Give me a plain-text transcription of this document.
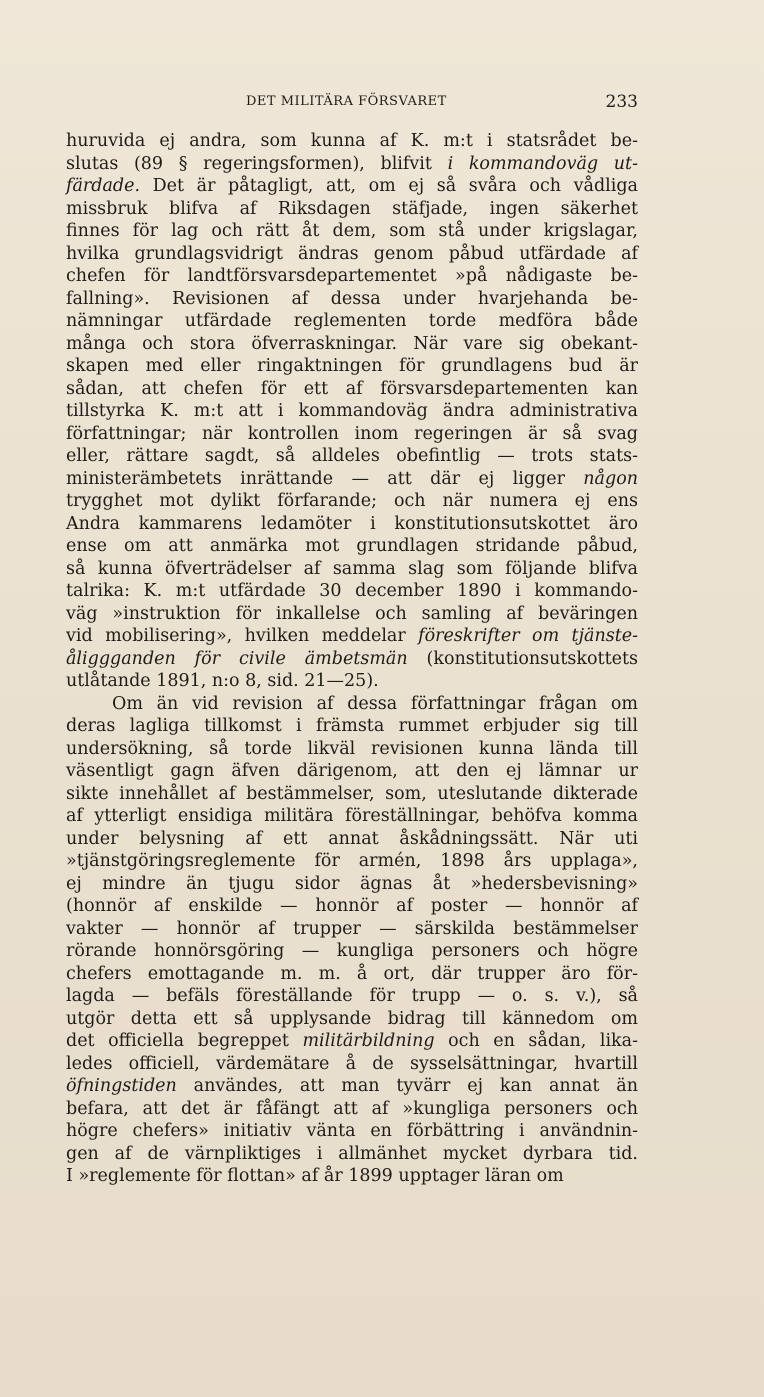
DET MILITÄRA FÖRSVARET	233
huruvida ej andra, som kunna af K. m:t i statsrådet be-
slutas (89 § regeringsformen), blifvit i kommandoväg ut-
färdade. Det är påtagligt, att, om ej så svåra och vådliga
missbruk blifva af Riksdagen stäfjade, ingen säkerhet
finnes för lag och rätt åt dem, som stå under krigslagar,
hvilka grundlagsvidrigt ändras genom påbud utfärdade af
chefen för landtförsvarsdepartementet »på nådigaste be-
fallning». Revisionen af dessa under hvarjehanda be-
nämningar utfärdade reglementen torde medföra både
många och stora öfverraskningar. När vare sig obekant-
skapen med eller ringaktningen för grundlagens bud är
sådan, att chefen för ett af försvarsdepartementen kan
tillstyrka K. m:t att i kommandoväg ändra administrativa
författningar; när kontrollen inom regeringen är så svag
eller, rättare sagdt, så alldeles obefintlig — trots stats-
ministerämbetets inrättande — att där ej ligger någon
trygghet mot dylikt förfarande; och när numera ej ens
Andra kammarens ledamöter i konstitutionsutskottet äro
ense om att anmärka mot grundlagen stridande påbud,
så kunna öfverträdelser af samma slag som följande blifva
talrika: K. m:t utfärdade 30 december 1890 i kommando-
väg »instruktion för inkallelse och samling af beväringen
vid mobilisering», hvilken meddelar föreskrifter om tjänste-
åliggganden för civile ämbetsmän (konstitutionsutskottets
utlåtande 1891, n:o 8, sid. 21—25).
Om än vid revision af dessa författningar frågan om
deras lagliga tillkomst i främsta rummet erbjuder sig till
undersökning, så torde likväl revisionen kunna lända till
väsentligt gagn äfven därigenom, att den ej lämnar ur
sikte innehållet af bestämmelser, som, uteslutande dikterade
af ytterligt ensidiga militära föreställningar, behöfva komma
under belysning af ett annat åskådningssätt. När uti
»tjänstgöringsreglemente för armén, 1898 års upplaga»,
ej mindre än tjugu sidor ägnas åt »hedersbevisning»
(honnör af enskilde — honnör af poster — honnör af
vakter — honnör af trupper — särskilda bestämmelser
rörande honnörsgöring — kungliga personers och högre
chefers emottagande m. m. å ort, där trupper äro för-
lagda — befäls föreställande för trupp — o. s. v.), så
utgör detta ett så upplysande bidrag till kännedom om
det officiella begreppet militärbildning och en sådan, lika-
ledes officiell, värdemätare å de sysselsättningar, hvartill
öfningstiden användes, att man tyvärr ej kan annat än
befara, att det är fåfängt att af »kungliga personers och
högre chefers» initiativ vänta en förbättring i användnin-
gen af de värnpliktiges i allmänhet mycket dyrbara tid.
I »reglemente för flottan» af år 1899 upptager läran om
